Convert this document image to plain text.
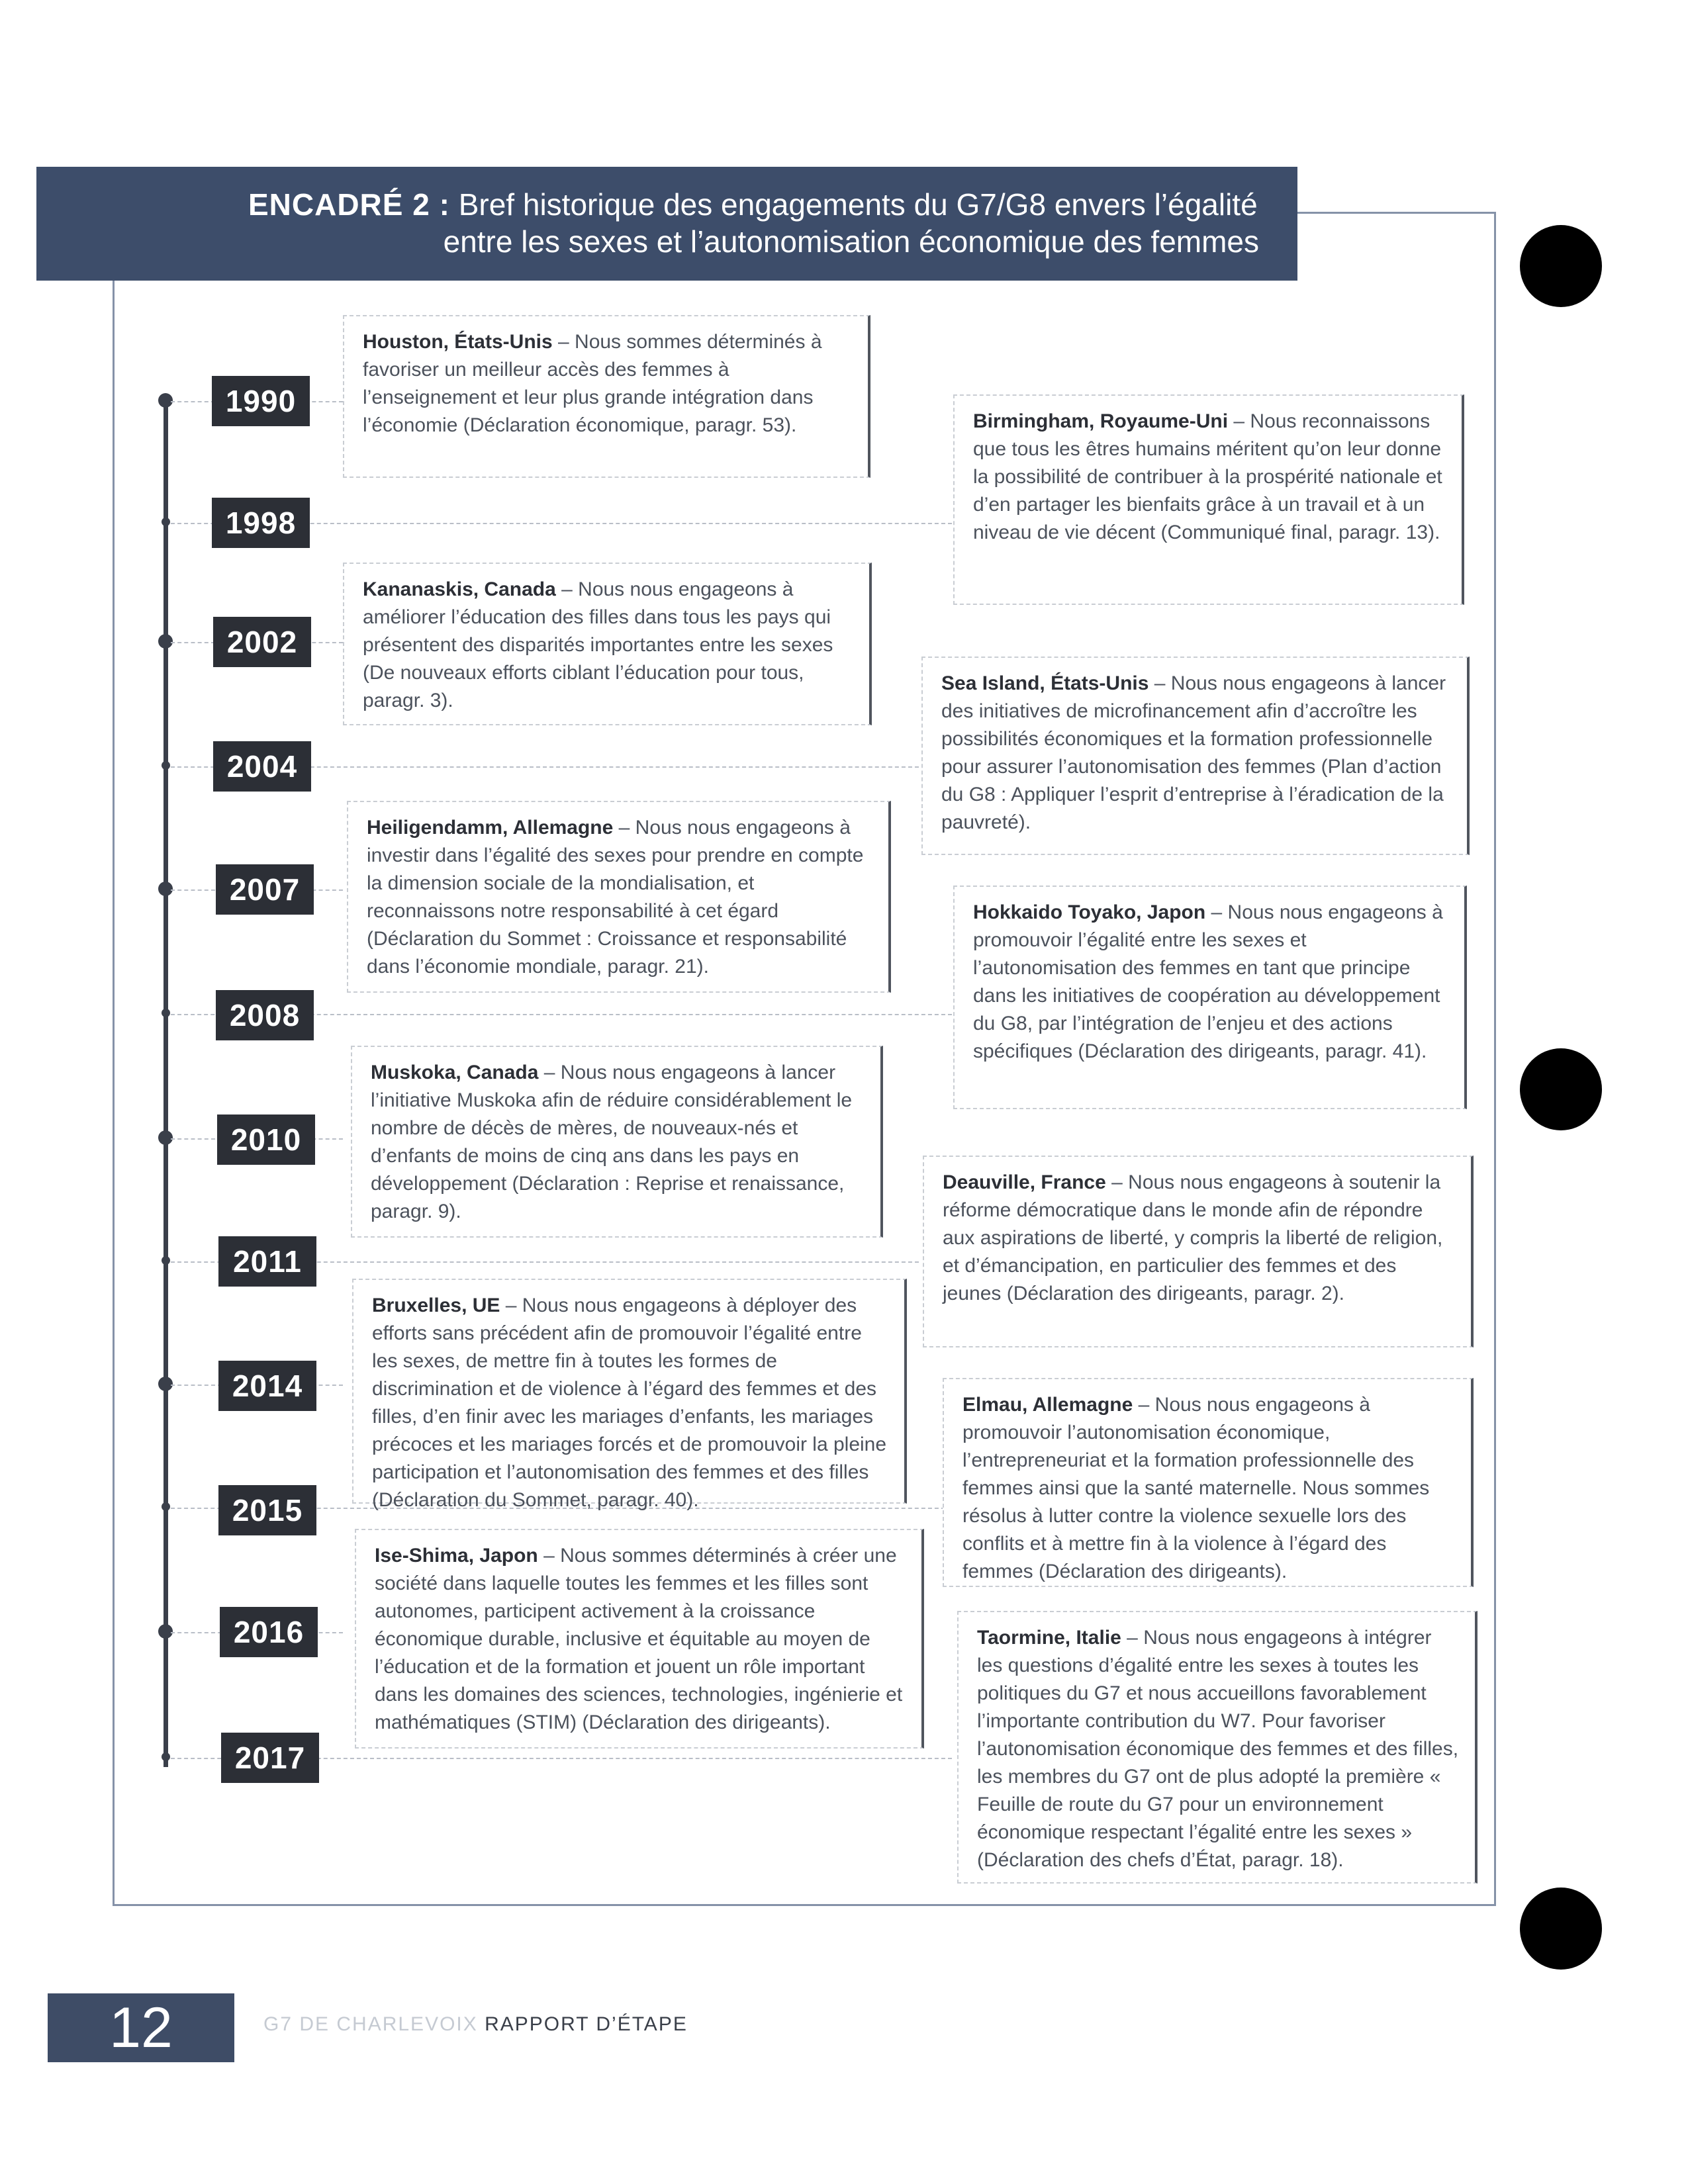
ENCADRÉ 2 : Bref historique des engagements du G7/G8 envers l’égalité
entre les sexes et l’autonomisation économique des femmes
1990
1998
2002
2004
2007
2008
2010
2011
2014
2015
2016
2017
Houston, États-Unis – Nous sommes déterminés à favoriser un meilleur accès des femmes à l’enseignement et leur plus grande intégration dans l’économie (Déclaration économique, paragr. 53).
Kananaskis, Canada – Nous nous engageons à améliorer l’éducation des filles dans tous les pays qui présentent des disparités importantes entre les sexes (De nouveaux efforts ciblant l’éducation pour tous, paragr. 3).
Heiligendamm, Allemagne – Nous nous engageons à investir dans l’égalité des sexes pour prendre en compte la dimension sociale de la mondialisation, et reconnaissons notre responsabilité à cet égard (Déclaration du Sommet : Croissance et responsabilité dans l’économie mondiale, paragr. 21).
Muskoka, Canada – Nous nous engageons à lancer l’initiative Muskoka afin de réduire considérablement le nombre de décès de mères, de nouveaux-nés et d’enfants de moins de cinq ans dans les pays en développement (Déclaration : Reprise et renaissance, paragr. 9).
Bruxelles, UE – Nous nous engageons à déployer des efforts sans précédent afin de promouvoir l’égalité entre les sexes, de mettre fin à toutes les formes de discrimination et de violence à l’égard des femmes et des filles, d’en finir avec les mariages d’enfants, les mariages précoces et les mariages forcés et de promouvoir la pleine participation et l’autonomisation des femmes et des filles (Déclaration du Sommet, paragr. 40).
Ise-Shima, Japon – Nous sommes déterminés à créer une société dans laquelle toutes les femmes et les filles sont autonomes, participent activement à la croissance économique durable, inclusive et équitable au moyen de l’éducation et de la formation et jouent un rôle important dans les domaines des sciences, technologies, ingénierie et mathématiques (STIM) (Déclaration des dirigeants).
Birmingham, Royaume-Uni – Nous reconnaissons que tous les êtres humains méritent qu’on leur donne la possibilité de contribuer à la prospérité nationale et d’en partager les bienfaits grâce à un travail et à un niveau de vie décent (Communiqué final, paragr. 13).
Sea Island, États-Unis – Nous nous engageons à lancer des initiatives de microfinancement afin d’accroître les possibilités économiques et la formation professionnelle pour assurer l’autonomisation des femmes (Plan d’action du G8 : Appliquer l’esprit d’entreprise à l’éradication de la pauvreté).
Hokkaido Toyako, Japon – Nous nous engageons à promouvoir l’égalité entre les sexes et l’autonomisation des femmes en tant que principe dans les initiatives de coopération au développement du G8, par l’intégration de l’enjeu et des actions spécifiques (Déclaration des dirigeants, paragr. 41).
Deauville, France – Nous nous engageons à soutenir la réforme démocratique dans le monde afin de répondre aux aspirations de liberté, y compris la liberté de religion, et d’émancipation, en particulier des femmes et des jeunes (Déclaration des dirigeants, paragr. 2).
Elmau, Allemagne – Nous nous engageons à promouvoir l’autonomisation économique, l’entrepreneuriat et la formation professionnelle des femmes ainsi que la santé maternelle. Nous sommes résolus à lutter contre la violence sexuelle lors des conflits et à mettre fin à la violence à l’égard des femmes (Déclaration des dirigeants).
Taormine, Italie – Nous nous engageons à intégrer les questions d’égalité entre les sexes à toutes les politiques du G7 et nous accueillons favorablement l’importante contribution du W7. Pour favoriser l’autonomisation économique des femmes et des filles, les membres du G7 ont de plus adopté la première « Feuille de route du G7 pour un environnement économique respectant l’égalité entre les sexes » (Déclaration des chefs d’État, paragr. 18).
12	G7 DE CHARLEVOIX RAPPORT D’ÉTAPE
